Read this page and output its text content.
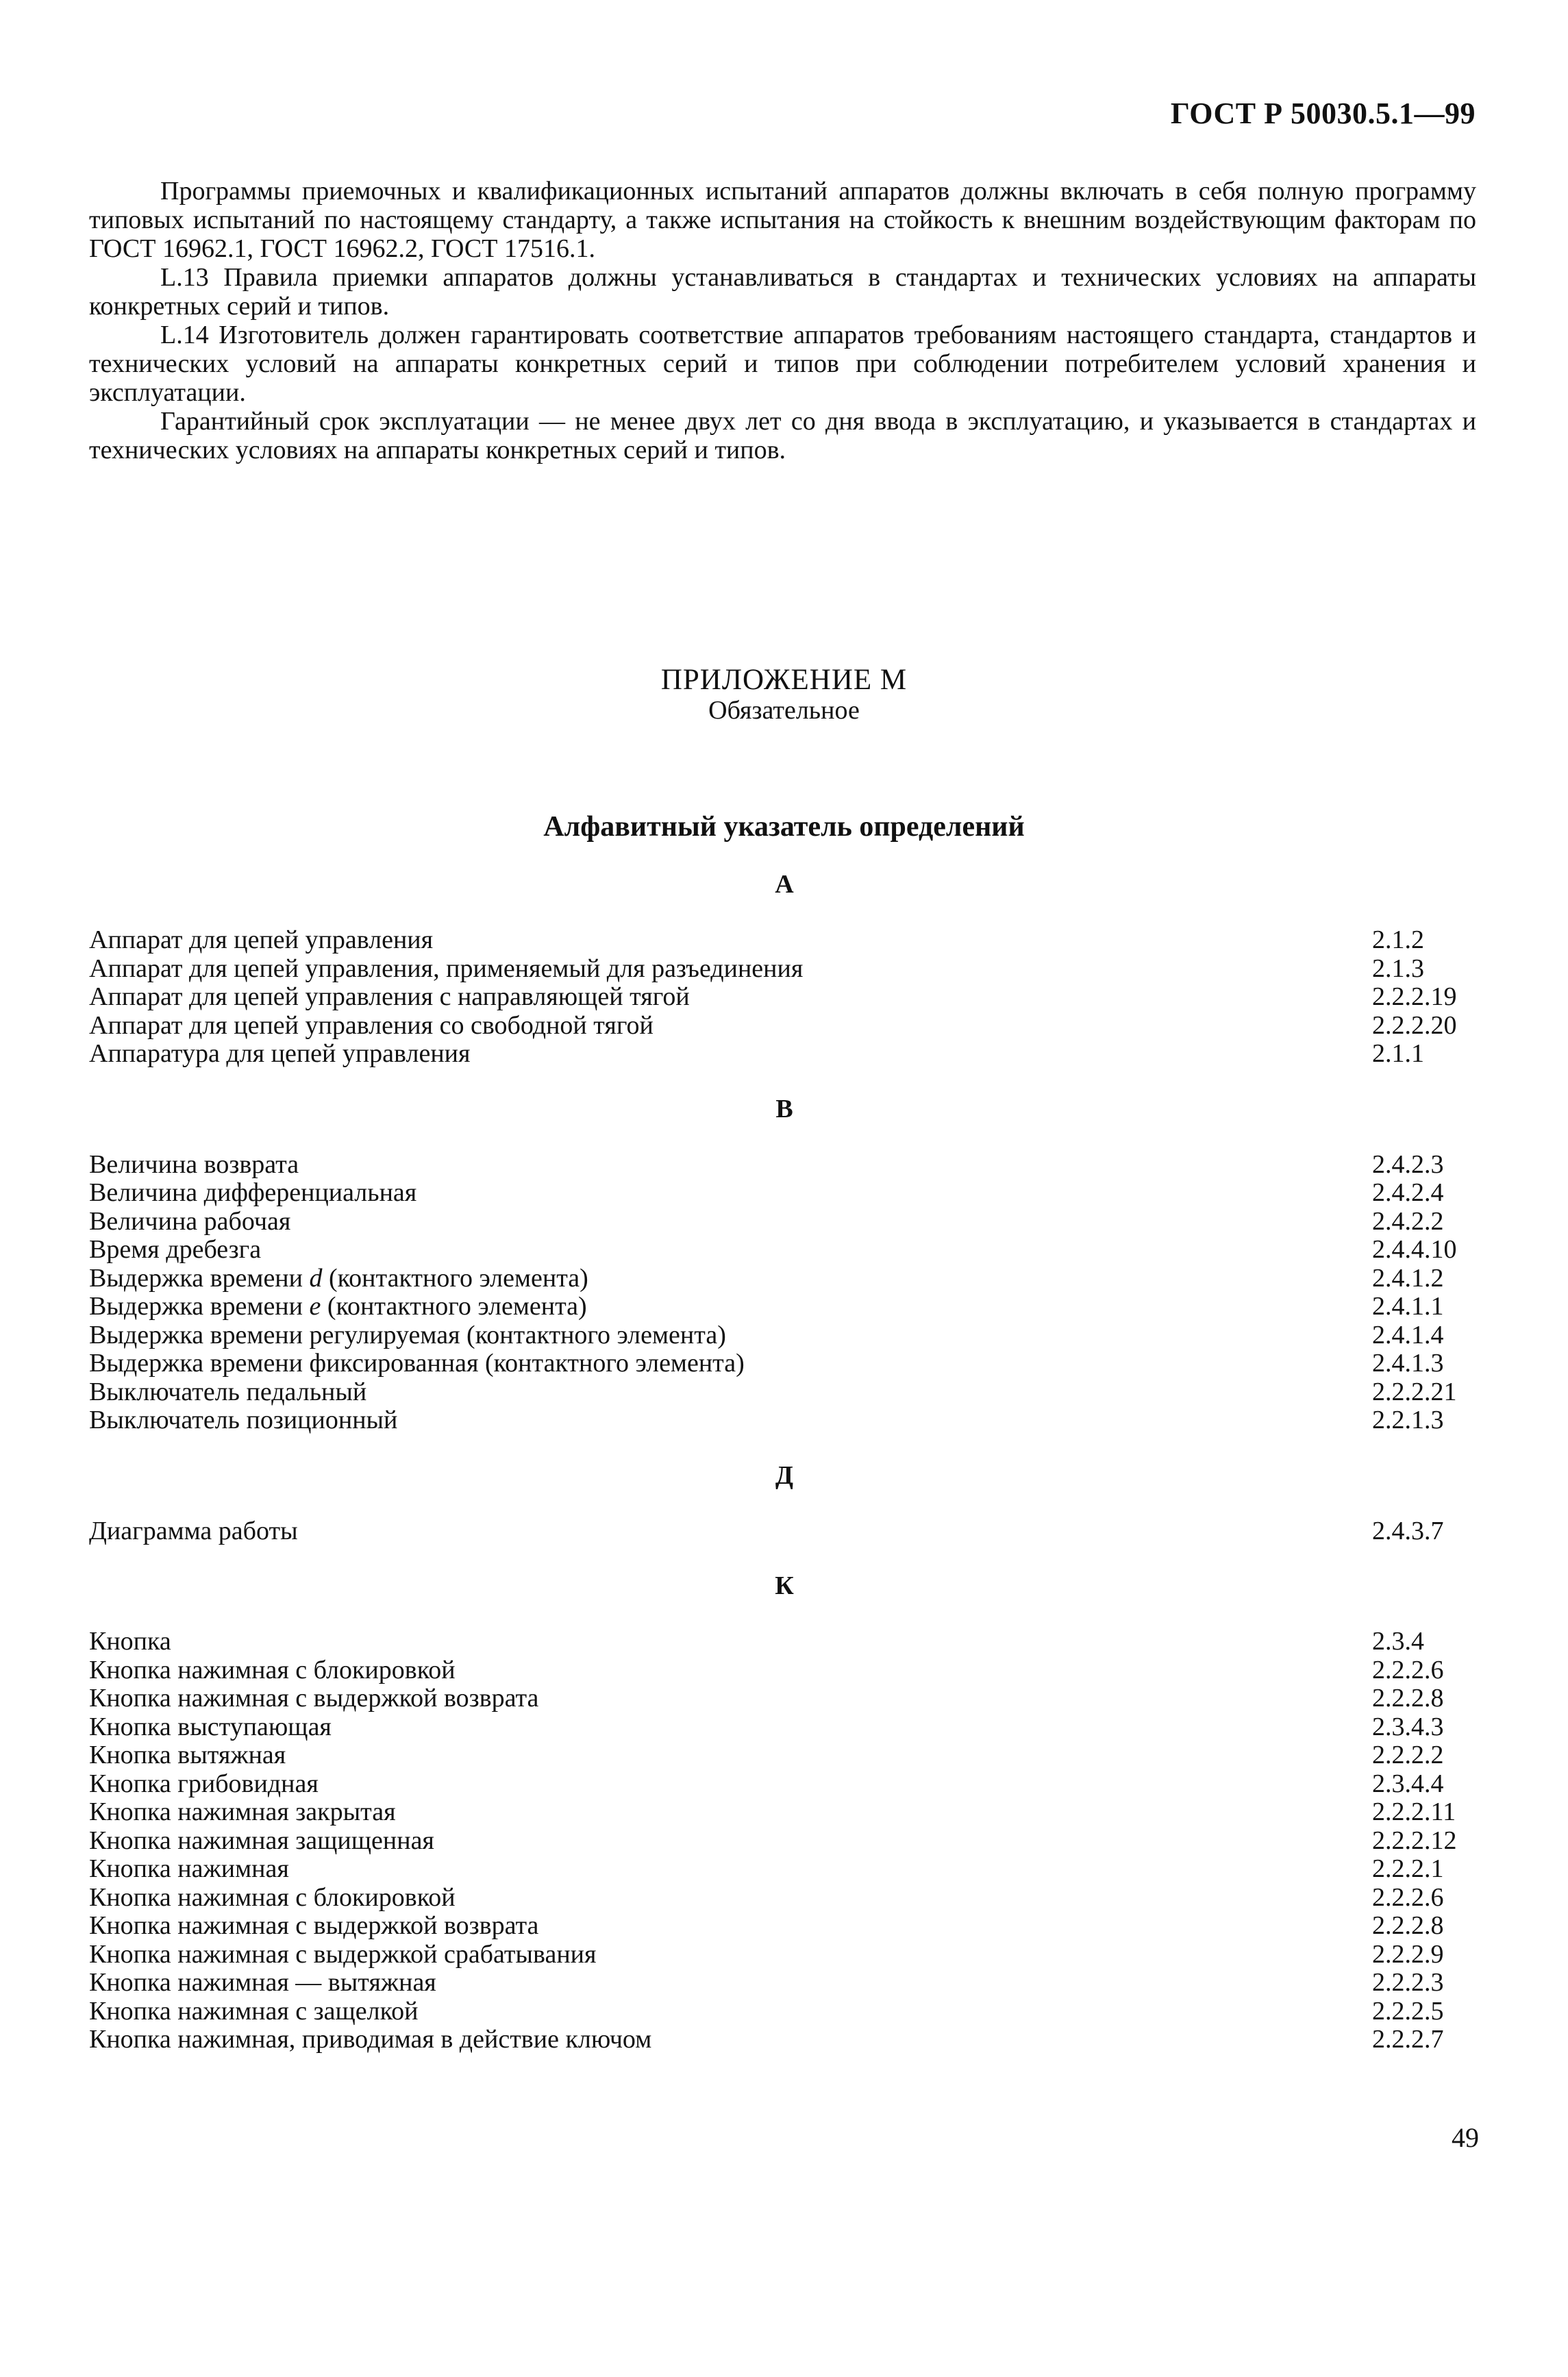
ГОСТ Р 50030.5.1—99

Программы приемочных и квалификационных испытаний аппаратов должны включать в себя полную программу типовых испытаний по настоящему стандарту, а также испытания на стойкость к внешним воздействующим факторам по ГОСТ 16962.1, ГОСТ 16962.2, ГОСТ 17516.1.

L.13 Правила приемки аппаратов должны устанавливаться в стандартах и технических условиях на аппараты конкретных серий и типов.

L.14 Изготовитель должен гарантировать соответствие аппаратов требованиям настоящего стандарта, стандартов и технических условий на аппараты конкретных серий и типов при соблюдении потребителем условий хранения и эксплуатации.

Гарантийный срок эксплуатации — не менее двух лет со дня ввода в эксплуатацию, и указывается в стандартах и технических условиях на аппараты конкретных серий и типов.

ПРИЛОЖЕНИЕ М
Обязательное
Алфавитный указатель определений
А
Аппарат для цепей управления	2.1.2
Аппарат для цепей управления, применяемый для разъединения	2.1.3
Аппарат для цепей управления с направляющей тягой	2.2.2.19
Аппарат для цепей управления со свободной тягой	2.2.2.20
Аппаратура для цепей управления	2.1.1
В
Величина возврата	2.4.2.3
Величина дифференциальная	2.4.2.4
Величина рабочая	2.4.2.2
Время дребезга	2.4.4.10
Выдержка времени d (контактного элемента)	2.4.1.2
Выдержка времени e (контактного элемента)	2.4.1.1
Выдержка времени регулируемая (контактного элемента)	2.4.1.4
Выдержка времени фиксированная (контактного элемента)	2.4.1.3
Выключатель педальный	2.2.2.21
Выключатель позиционный	2.2.1.3
Д
Диаграмма работы	2.4.3.7
К
Кнопка	2.3.4
Кнопка нажимная с блокировкой	2.2.2.6
Кнопка нажимная с выдержкой возврата	2.2.2.8
Кнопка выступающая	2.3.4.3
Кнопка вытяжная	2.2.2.2
Кнопка грибовидная	2.3.4.4
Кнопка нажимная закрытая	2.2.2.11
Кнопка нажимная защищенная	2.2.2.12
Кнопка нажимная	2.2.2.1
Кнопка нажимная с блокировкой	2.2.2.6
Кнопка нажимная с выдержкой возврата	2.2.2.8
Кнопка нажимная с выдержкой срабатывания	2.2.2.9
Кнопка нажимная — вытяжная	2.2.2.3
Кнопка нажимная с защелкой	2.2.2.5
Кнопка нажимная, приводимая в действие ключом	2.2.2.7
49
